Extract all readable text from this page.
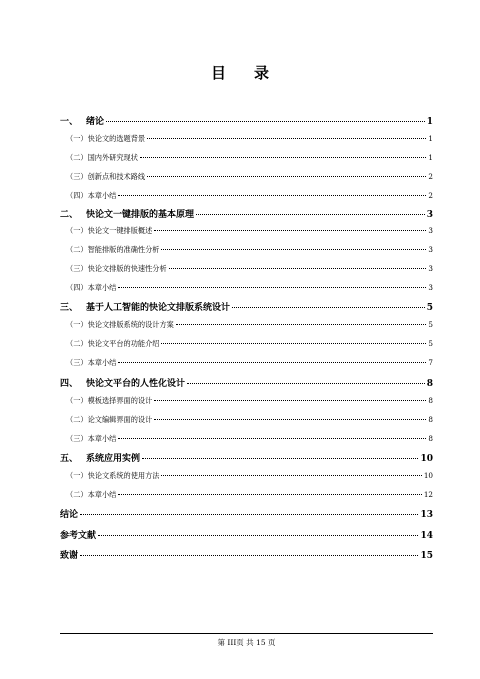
目录
一、 绪论	1
（一） 快论文的选题背景	1
（二） 国内外研究现状	1
（三） 创新点和技术路线	2
（四） 本章小结	2
二、 快论文一键排版的基本原理	3
（一） 快论文一键排版概述	3
（二） 智能排版的准确性分析	3
（三） 快论文排版的快速性分析	3
（四） 本章小结	3
三、 基于人工智能的快论文排版系统设计	5
（一） 快论文排版系统的设计方案	5
（二） 快论文平台的功能介绍	5
（三） 本章小结	7
四、 快论文平台的人性化设计	8
（一） 模板选择界面的设计	8
（二） 论文编辑界面的设计	8
（三） 本章小结	8
五、 系统应用实例	10
（一） 快论文系统的使用方法	10
（二） 本章小结	12
结论	13
参考文献	14
致谢	15
第 III页 共 15 页
